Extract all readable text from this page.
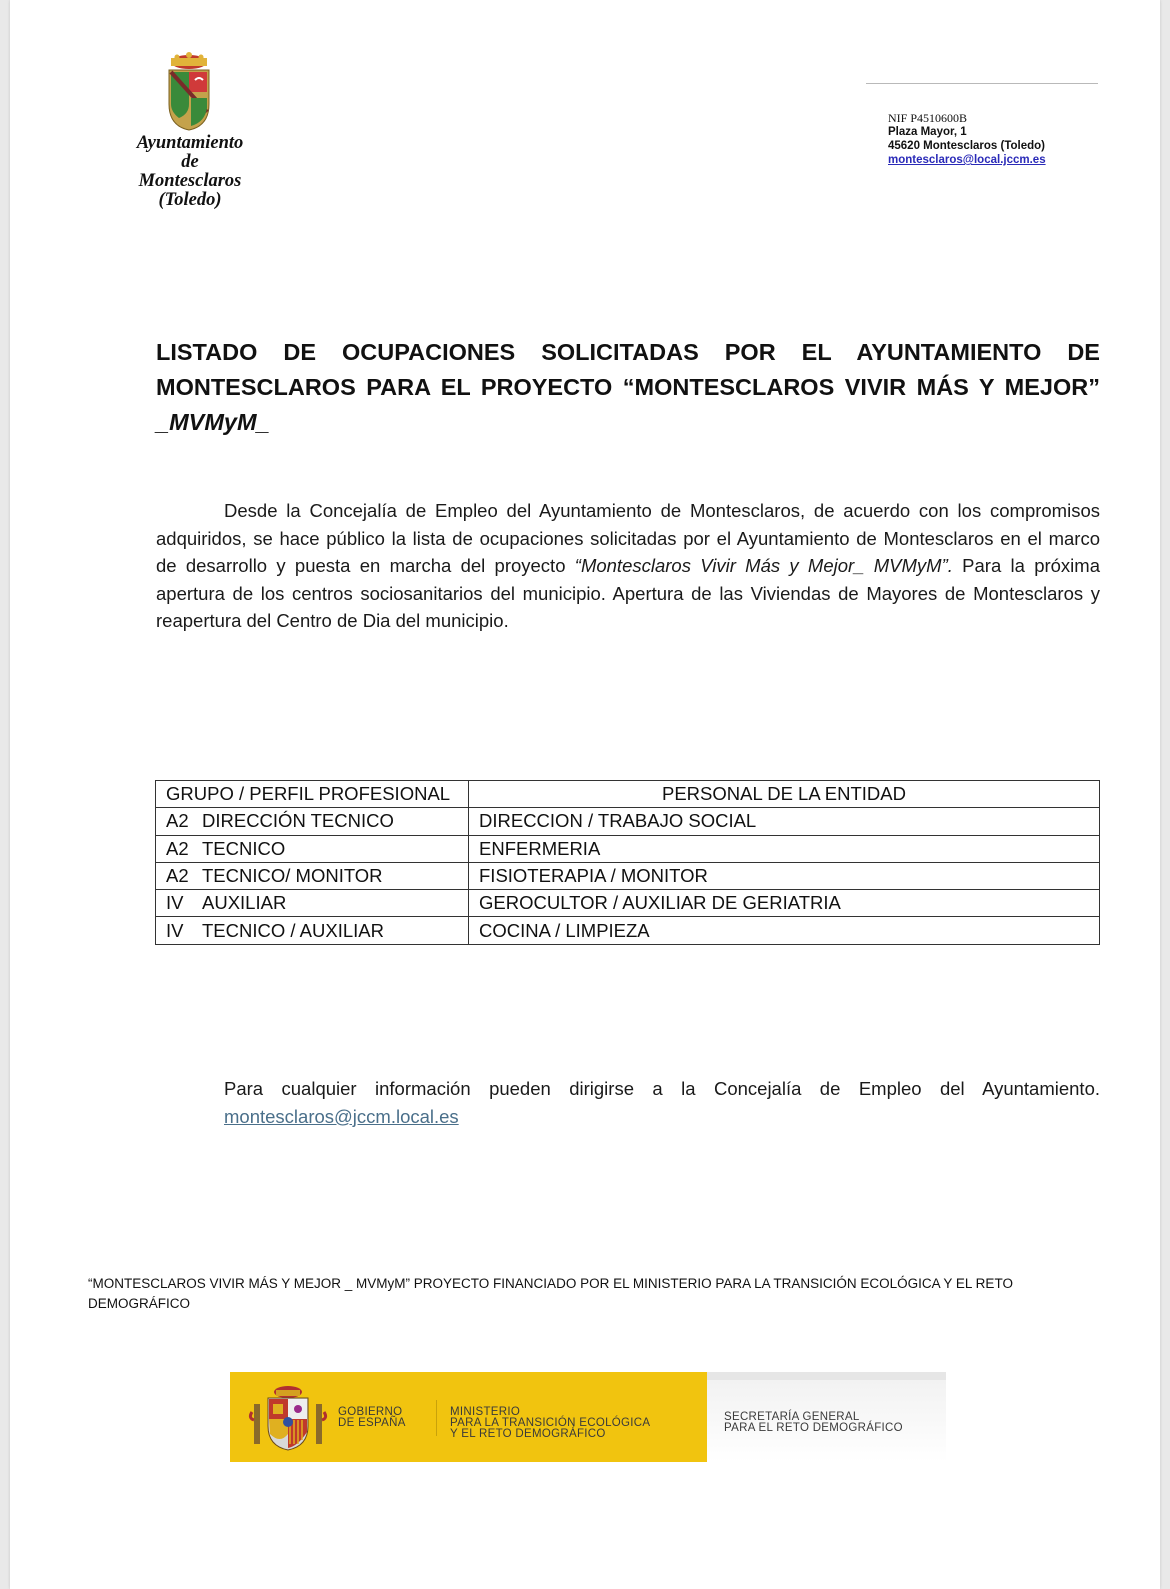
Ayuntamiento
de
Montesclaros
(Toledo)
NIF P4510600B
Plaza Mayor, 1
45620 Montesclaros (Toledo)
montesclaros@local.jccm.es
LISTADO DE OCUPACIONES SOLICITADAS POR EL AYUNTAMIENTO DE
MONTESCLAROS PARA EL PROYECTO “MONTESCLAROS VIVIR MÁS Y MEJOR”
_MVMyM_
Desde la Concejalía de Empleo del Ayuntamiento de Montesclaros, de acuerdo con los compromisos adquiridos, se hace público la lista de ocupaciones solicitadas por el Ayuntamiento de Montesclaros en el marco de desarrollo y puesta en marcha del proyecto “Montesclaros Vivir Más y Mejor_ MVMyM”. Para la próxima apertura de los centros sociosanitarios del municipio. Apertura de las Viviendas de Mayores de Montesclaros y reapertura del Centro de Dia del municipio.
GRUPO / PERFIL PROFESIONAL	PERSONAL DE LA ENTIDAD
A2 DIRECCIÓN TECNICO	DIRECCION / TRABAJO SOCIAL
A2 TECNICO	ENFERMERIA
A2 TECNICO/ MONITOR	FISIOTERAPIA / MONITOR
IV AUXILIAR	GEROCULTOR / AUXILIAR DE GERIATRIA
IV TECNICO / AUXILIAR	COCINA / LIMPIEZA
Para cualquier información pueden dirigirse a la Concejalía de Empleo del Ayuntamiento.
montesclaros@jccm.local.es
“MONTESCLAROS VIVIR MÁS Y MEJOR _ MVMyM” PROYECTO FINANCIADO POR EL MINISTERIO PARA LA TRANSICIÓN ECOLÓGICA Y EL RETO DEMOGRÁFICO
GOBIERNO
DE ESPAÑA
MINISTERIO
PARA LA TRANSICIÓN ECOLÓGICA
Y EL RETO DEMOGRÁFICO
SECRETARÍA GENERAL
PARA EL RETO DEMOGRÁFICO
